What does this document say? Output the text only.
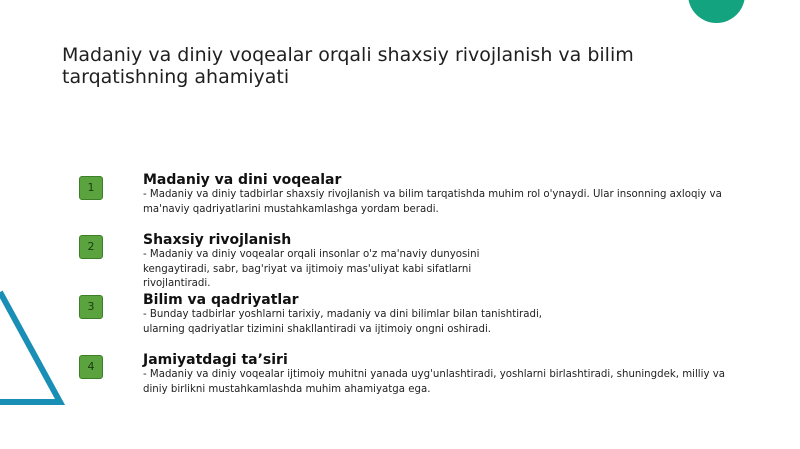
Madaniy va diniy voqealar orqali shaxsiy rivojlanish va bilim tarqatishning ahamiyati
1	Madaniy va dini voqealar
- Madaniy va diniy tadbirlar shaxsiy rivojlanish va bilim tarqatishda muhim rol o'ynaydi. Ular insonning axloqiy va ma'naviy qadriyatlarini mustahkamlashga yordam beradi.
2	Shaxsiy rivojlanish
- Madaniy va diniy voqealar orqali insonlar o'z ma'naviy dunyosini kengaytiradi, sabr, bag'riyat va ijtimoiy mas'uliyat kabi sifatlarni rivojlantiradi.
3	Bilim va qadriyatlar
- Bunday tadbirlar yoshlarni tarixiy, madaniy va dini bilimlar bilan tanishtiradi, ularning qadriyatlar tizimini shakllantiradi va ijtimoiy ongni oshiradi.
4	Jamiyatdagi ta’siri
- Madaniy va diniy voqealar ijtimoiy muhitni yanada uyg'unlashtiradi, yoshlarni birlashtiradi, shuningdek, milliy va diniy birlikni mustahkamlashda muhim ahamiyatga ega.
